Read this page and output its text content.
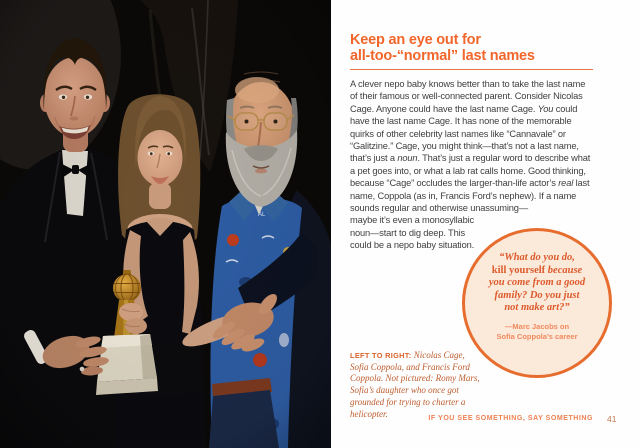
Keep an eye out for
all-too-“normal” last names

A clever nepo baby knows better than to take the last name of their famous or well-connected parent. Consider Nicolas Cage. Anyone could have the last name Cage. You could have the last name Cage. It has none of the memorable quirks of other celebrity last names like “Cannavale” or “Galitzine.” Cage, you might think—that’s not a last name, that’s just a noun. That’s just a regular word to describe what a pet goes into, or what a lab rat calls home. Good thinking, because “Cage” occludes the larger-than-life actor’s real last name, Coppola (as in, Francis Ford’s nephew). If a name sounds regular and otherwise unassuming—

maybe it’s even a monosyllabic noun—start to dig deep. This could be a nepo baby situation.

“What do you do,
kill yourself because
you come from a good
family? Do you just
not make art?”
—Marc Jacobs on
Sofia Coppola’s career

LEFT TO RIGHT: Nicolas Cage, Sofia Coppola, and Francis Ford Coppola. Not pictured: Romy Mars, Sofia’s daughter who once got grounded for trying to charter a helicopter.	IF YOU SEE SOMETHING, SAY SOMETHING 41
